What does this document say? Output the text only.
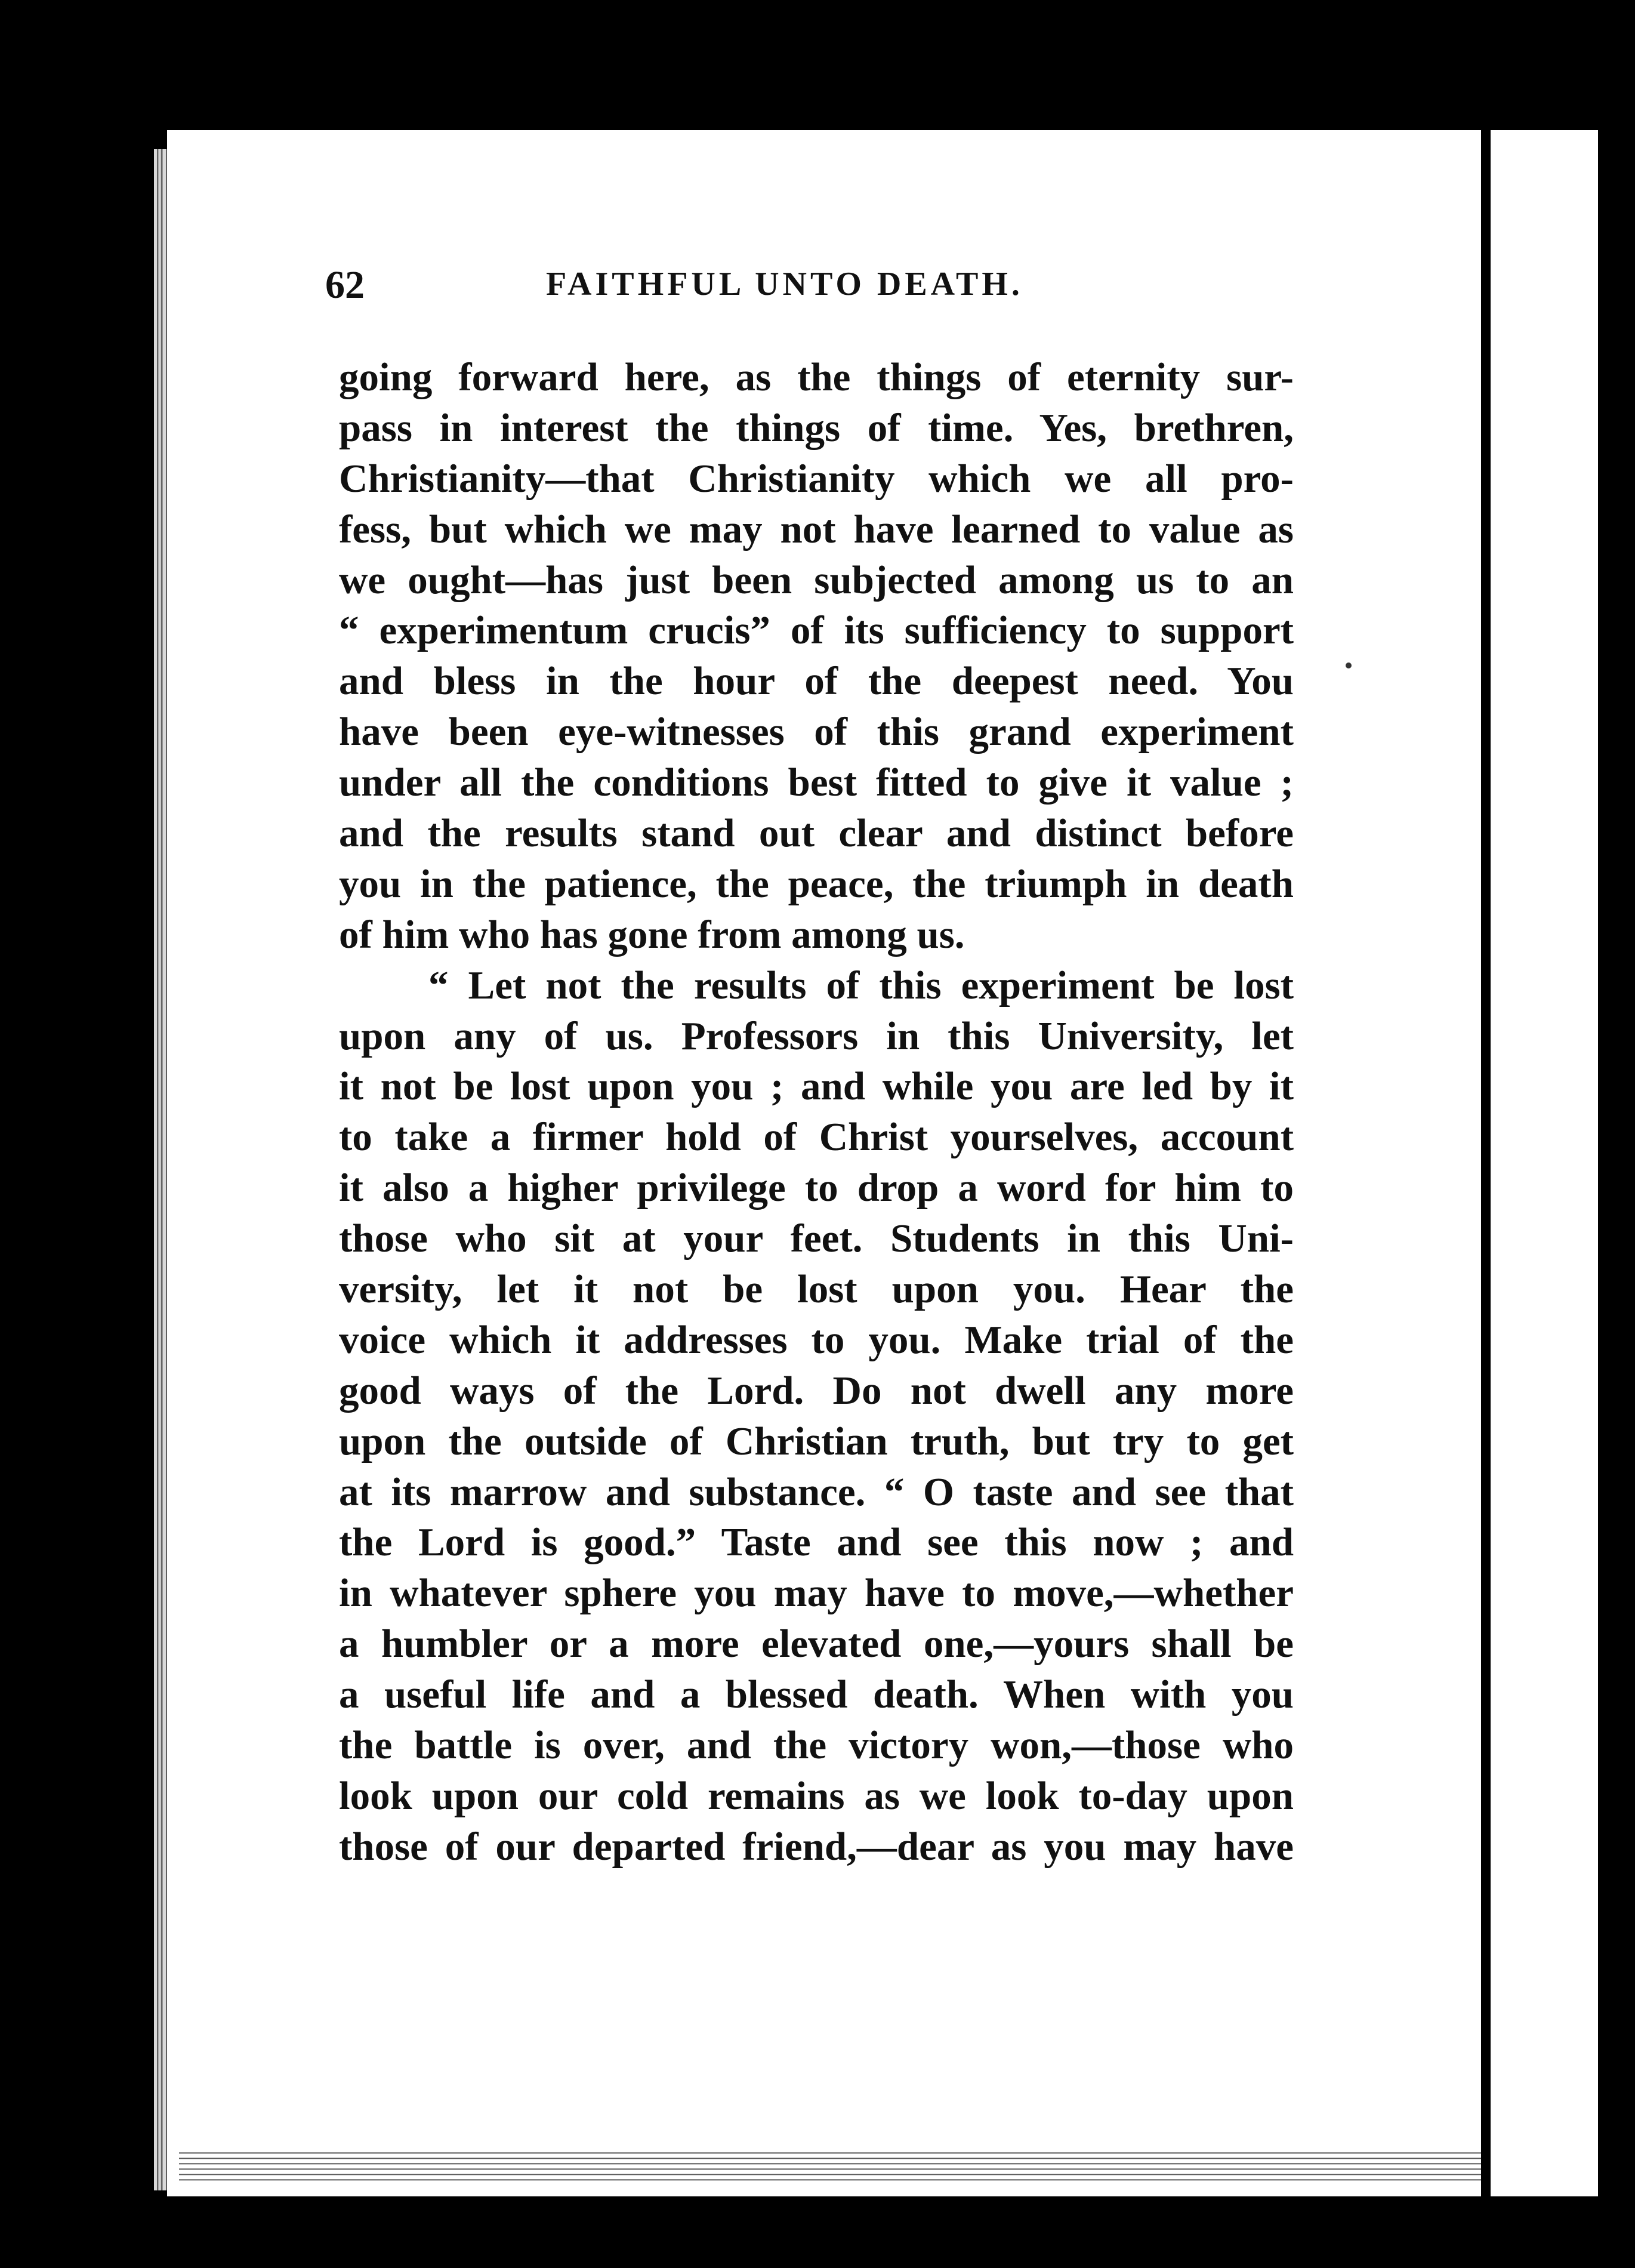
62	FAITHFUL UNTO DEATH.
going forward here, as the things of eternity sur-
pass in interest the things of time. Yes, brethren,
Christianity—that Christianity which we all pro-
fess, but which we may not have learned to value as
we ought—has just been subjected among us to an
“ experimentum crucis” of its sufficiency to support
and bless in the hour of the deepest need. You
have been eye-witnesses of this grand experiment
under all the conditions best fitted to give it value ;
and the results stand out clear and distinct before
you in the patience, the peace, the triumph in death
of him who has gone from among us.
“ Let not the results of this experiment be lost
upon any of us. Professors in this University, let
it not be lost upon you ; and while you are led by it
to take a firmer hold of Christ yourselves, account
it also a higher privilege to drop a word for him to
those who sit at your feet. Students in this Uni-
versity, let it not be lost upon you. Hear the
voice which it addresses to you. Make trial of the
good ways of the Lord. Do not dwell any more
upon the outside of Christian truth, but try to get
at its marrow and substance. “ O taste and see that
the Lord is good.” Taste and see this now ; and
in whatever sphere you may have to move,—whether
a humbler or a more elevated one,—yours shall be
a useful life and a blessed death. When with you
the battle is over, and the victory won,—those who
look upon our cold remains as we look to-day upon
those of our departed friend,—dear as you may have
